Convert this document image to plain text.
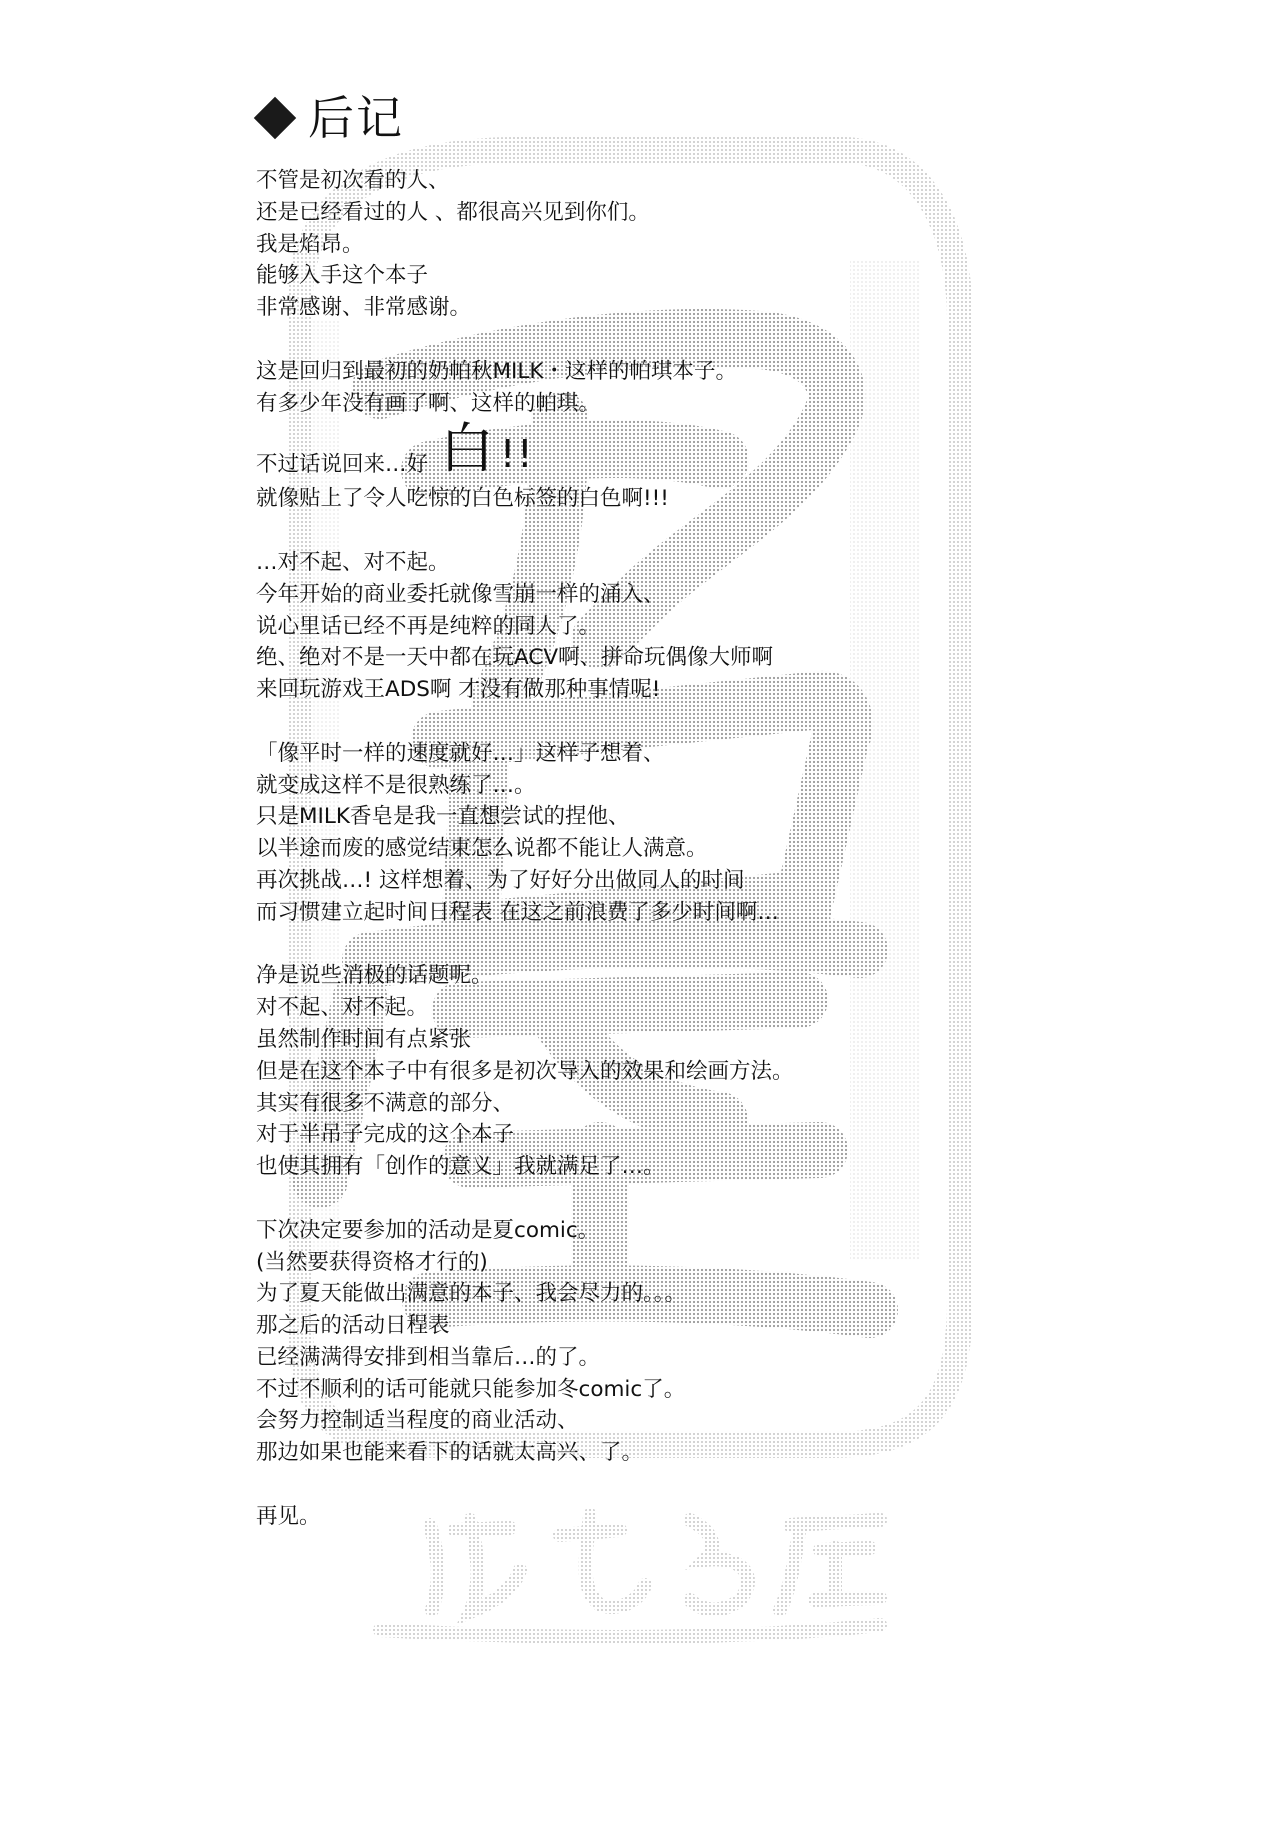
后记
不管是初次看的人、
还是已经看过的人 、都很高兴见到你们。
我是焰昂。
能够入手这个本子
非常感谢、非常感谢。
这是回归到最初的奶帕秋MILK・这样的帕琪本子。
有多少年没有画了啊、这样的帕琪。
不过话说回来…好 白 !!
就像贴上了令人吃惊的白色标签的白色啊!!!
…对不起、对不起。
今年开始的商业委托就像雪崩一样的涌入、
说心里话已经不再是纯粹的同人了。
绝、绝对不是一天中都在玩ACV啊、拼命玩偶像大师啊
来回玩游戏王ADS啊 才没有做那种事情呢!
「像平时一样的速度就好…」这样子想着、
就变成这样不是很熟练了…。
只是MILK香皂是我一直想尝试的捏他、
以半途而废的感觉结束怎么说都不能让人满意。
再次挑战…! 这样想着、为了好好分出做同人的时间
而习惯建立起时间日程表 在这之前浪费了多少时间啊…
净是说些消极的话题呢。
对不起、对不起。
虽然制作时间有点紧张
但是在这个本子中有很多是初次导入的效果和绘画方法。
其实有很多不满意的部分、
对于半吊子完成的这个本子
也使其拥有「创作的意义」我就满足了…。
下次决定要参加的活动是夏comic。
(当然要获得资格才行的)
为了夏天能做出满意的本子、我会尽力的。。。
那之后的活动日程表
已经满满得安排到相当靠后…的了。
不过不顺利的话可能就只能参加冬comic了。
会努力控制适当程度的商业活动、
那边如果也能来看下的话就太高兴、了。
再见。
